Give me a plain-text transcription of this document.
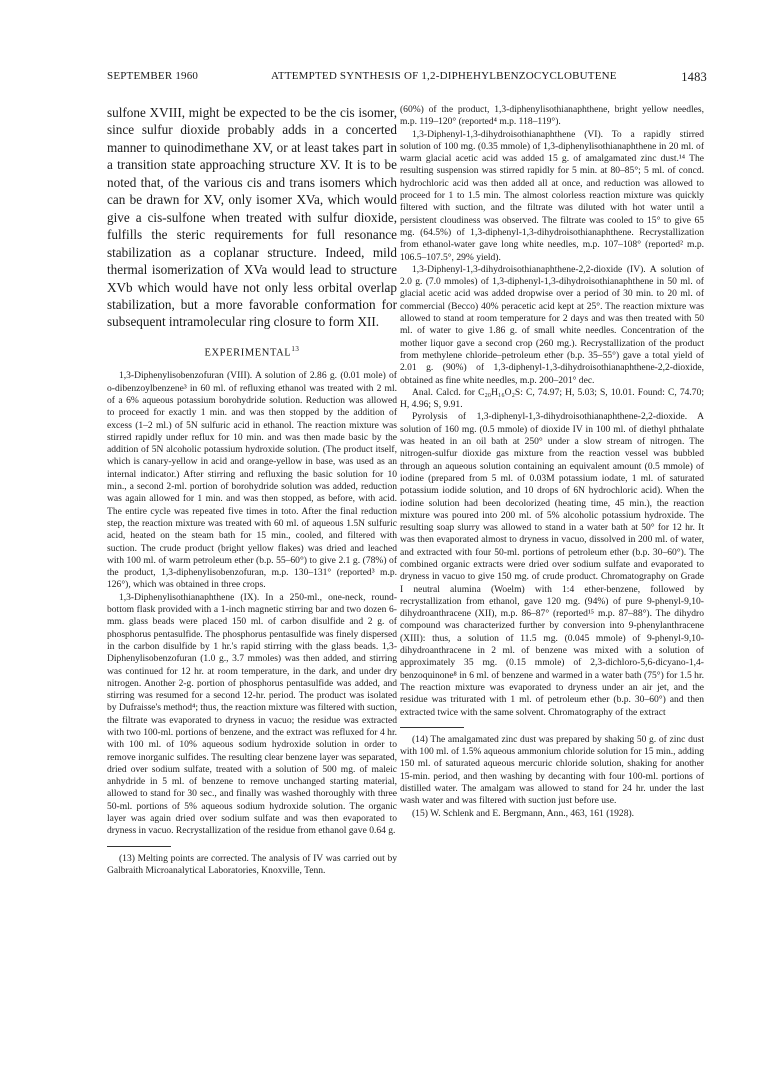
SEPTEMBER 1960	ATTEMPTED SYNTHESIS OF 1,2-DIPHEHYLBENZOCYCLOBUTENE	1483

sulfone XVIII, might be expected to be the cis isomer, since sulfur dioxide probably adds in a concerted manner to quinodimethane XV, or at least takes part in a transition state approaching structure XV. It is to be noted that, of the various cis and trans isomers which can be drawn for XV, only isomer XVa, which would give a cis-sulfone when treated with sulfur dioxide, fulfills the steric requirements for full resonance stabilization as a coplanar structure. Indeed, mild thermal isomerization of XVa would lead to structure XVb which would have not only less orbital overlap stabilization, but a more favorable conformation for subsequent intramolecular ring closure to form XII.

EXPERIMENTAL$^{13}$

1,3-Diphenylisobenzofuran (VIII). A solution of 2.86 g. (0.01 mole) of o-dibenzoylbenzene³ in 60 ml. of refluxing ethanol was treated with 2 ml. of a 6% aqueous potassium borohydride solution. Reduction was allowed to proceed for exactly 1 min. and was then stopped by the addition of excess (1–2 ml.) of 5N sulfuric acid in ethanol. The reaction mixture was stirred rapidly under reflux for 10 min. and was then made basic by the addition of 5N alcoholic potassium hydroxide solution. (The product itself, which is canary-yellow in acid and orange-yellow in base, was used as an internal indicator.) After stirring and refluxing the basic solution for 10 min., a second 2-ml. portion of borohydride solution was added, reduction was again allowed for 1 min. and was then stopped, as before, with acid. The entire cycle was repeated five times in toto. After the final reduction step, the reaction mixture was treated with 60 ml. of aqueous 1.5N sulfuric acid, heated on the steam bath for 15 min., cooled, and filtered with suction. The crude product (bright yellow flakes) was dried and leached with 100 ml. of warm petroleum ether (b.p. 55–60°) to give 2.1 g. (78%) of the product, 1,3-diphenylisobenzofuran, m.p. 130–131° (reported³ m.p. 126°), which was obtained in three crops.

1,3-Diphenylisothianaphthene (IX). In a 250-ml., one-neck, round-bottom flask provided with a 1-inch magnetic stirring bar and two dozen 6-mm. glass beads were placed 150 ml. of carbon disulfide and 2 g. of phosphorus pentasulfide. The phosphorus pentasulfide was finely dispersed in the carbon disulfide by 1 hr.'s rapid stirring with the glass beads. 1,3-Diphenylisobenzofuran (1.0 g., 3.7 mmoles) was then added, and stirring was continued for 12 hr. at room temperature, in the dark, and under dry nitrogen. Another 2-g. portion of phosphorus pentasulfide was added, and stirring was resumed for a second 12-hr. period. The product was isolated by Dufraisse's method⁴; thus, the reaction mixture was filtered with suction, the filtrate was evaporated to dryness in vacuo; the residue was extracted with two 100-ml. portions of benzene, and the extract was refluxed for 4 hr. with 100 ml. of 10% aqueous sodium hydroxide solution in order to remove inorganic sulfides. The resulting clear benzene layer was separated, dried over sodium sulfate, treated with a solution of 500 mg. of maleic anhydride in 5 ml. of benzene to remove unchanged starting material, allowed to stand for 30 sec., and finally was washed thoroughly with three 50-ml. portions of 5% aqueous sodium hydroxide solution. The organic layer was again dried over sodium sulfate and was then evaporated to dryness in vacuo. Recrystallization of the residue from ethanol gave 0.64 g.

(13) Melting points are corrected. The analysis of IV was carried out by Galbraith Microanalytical Laboratories, Knoxville, Tenn.

(60%) of the product, 1,3-diphenylisothianaphthene, bright yellow needles, m.p. 119–120° (reported⁴ m.p. 118–119°).

1,3-Diphenyl-1,3-dihydroisothianaphthene (VI). To a rapidly stirred solution of 100 mg. (0.35 mmole) of 1,3-diphenylisothianaphthene in 20 ml. of warm glacial acetic acid was added 15 g. of amalgamated zinc dust.¹⁴ The resulting suspension was stirred rapidly for 5 min. at 80–85°; 5 ml. of concd. hydrochloric acid was then added all at once, and reduction was allowed to proceed for 1 to 1.5 min. The almost colorless reaction mixture was quickly filtered with suction, and the filtrate was diluted with hot water until a persistent cloudiness was observed. The filtrate was cooled to 15° to give 65 mg. (64.5%) of 1,3-diphenyl-1,3-dihydroisothianaphthene. Recrystallization from ethanol-water gave long white needles, m.p. 107–108° (reported² m.p. 106.5–107.5°, 29% yield).

1,3-Diphenyl-1,3-dihydroisothianaphthene-2,2-dioxide (IV). A solution of 2.0 g. (7.0 mmoles) of 1,3-diphenyl-1,3-dihydroisothianaphthene in 50 ml. of glacial acetic acid was added dropwise over a period of 30 min. to 20 ml. of commercial (Becco) 40% peracetic acid kept at 25°. The reaction mixture was allowed to stand at room temperature for 2 days and was then treated with 50 ml. of water to give 1.86 g. of small white needles. Concentration of the mother liquor gave a second crop (260 mg.). Recrystallization of the product from methylene chloride–petroleum ether (b.p. 35–55°) gave a total yield of 2.01 g. (90%) of 1,3-diphenyl-1,3-dihydroisothianaphthene-2,2-dioxide, obtained as fine white needles, m.p. 200–201° dec.

Anal. Calcd. for C₂₀H₁₆O₂S: C, 74.97; H, 5.03; S, 10.01. Found: C, 74.70; H, 4.96; S, 9.91.

Pyrolysis of 1,3-diphenyl-1,3-dihydroisothianaphthene-2,2-dioxide. A solution of 160 mg. (0.5 mmole) of dioxide IV in 100 ml. of diethyl phthalate was heated in an oil bath at 250° under a slow stream of nitrogen. The nitrogen-sulfur dioxide gas mixture from the reaction vessel was bubbled through an aqueous solution containing an equivalent amount (0.5 mmole) of iodine (prepared from 5 ml. of 0.03M potassium iodate, 1 ml. of saturated potassium iodide solution, and 10 drops of 6N hydrochloric acid). When the iodine solution had been decolorized (heating time, 45 min.), the reaction mixture was poured into 200 ml. of 5% alcoholic potassium hydroxide. The resulting soap slurry was allowed to stand in a water bath at 50° for 12 hr. It was then evaporated almost to dryness in vacuo, dissolved in 200 ml. of water, and extracted with four 50-ml. portions of petroleum ether (b.p. 30–60°). The combined organic extracts were dried over sodium sulfate and evaporated to dryness in vacuo to give 150 mg. of crude product. Chromatography on Grade I neutral alumina (Woelm) with 1:4 ether-benzene, followed by recrystallization from ethanol, gave 120 mg. (94%) of pure 9-phenyl-9,10-dihydroanthracene (XII), m.p. 86–87° (reported¹⁵ m.p. 87–88°). The dihydro compound was characterized further by conversion into 9-phenylanthracene (XIII): thus, a solution of 11.5 mg. (0.045 mmole) of 9-phenyl-9,10-dihydroanthracene in 2 ml. of benzene was mixed with a solution of approximately 35 mg. (0.15 mmole) of 2,3-dichloro-5,6-dicyano-1,4-benzoquinone⁸ in 6 ml. of benzene and warmed in a water bath (75°) for 1.5 hr. The reaction mixture was evaporated to dryness under an air jet, and the residue was triturated with 1 ml. of petroleum ether (b.p. 30–60°) and then extracted twice with the same solvent. Chromatography of the extract

(14) The amalgamated zinc dust was prepared by shaking 50 g. of zinc dust with 100 ml. of 1.5% aqueous ammonium chloride solution for 15 min., adding 150 ml. of saturated aqueous mercuric chloride solution, shaking for another 15-min. period, and then washing by decanting with four 100-ml. portions of distilled water. The amalgam was allowed to stand for 24 hr. under the last wash water and was filtered with suction just before use.

(15) W. Schlenk and E. Bergmann, Ann., 463, 161 (1928).
